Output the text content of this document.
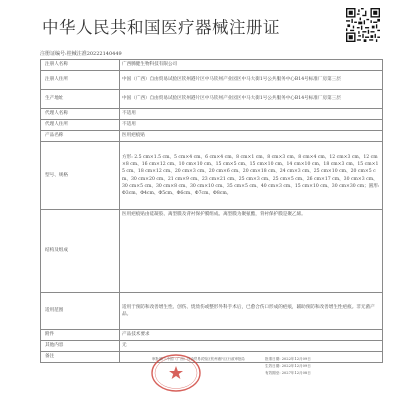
中华人民共和国医疗器械注册证
注册证编号:桂械注准20222140449
注册人名称	广西腾健生物科技有限公司
注册人住所	中国（广西）自由贸易试验区钦州港片区中马钦州产业园区中马大街1号公共服务中心B14号标准厂房第三层
生产地址	中国（广西）自由贸易试验区钦州港片区中马钦州产业园区中马大街1号公共服务中心B14号标准厂房第三层
代理人名称	不适用
代理人住所	不适用
产品名称	医用疤痕贴
型号、规格	方形: 2.5 cm×1.5 cm、5 cm×4 cm、6 cm×4 cm、8 cm×1 cm、8 cm×3 cm、8 cm×4 cm、12 cm×3 cm、12 cm×8 cm、16 cm×12 cm、10 cm×10 cm、15 cm×5 cm、15 cm×10 cm、14 cm×10 cm、18 cm×3 cm、15 cm×15 cm、18 cm×12 cm、20 cm×3 cm、20 cm×6 cm、20 cm×18 cm、24 cm×3 cm、25 cm×10 cm、20 cm×5 cm、30 cm×20 cm、21 cm×9 cm、23 cm×21 cm、25 cm×3 cm、25 cm×5 cm、26 cm×17 cm、30 cm×3 cm、30 cm×5 cm、30 cm×8 cm、30 cm×10 cm、35 cm×5 cm、40 cm×3 cm、15 cm×10 cm、30 cm×30 cm；圆形: Φ3cm、Φ4cm、Φ5cm、Φ6cm、Φ7cm、Φ8cm。
结构及组成	医用疤痕贴由硅凝胶、离型膜及背衬保护膜组成。离型膜为聚氨酯，背衬保护膜是聚乙烯。
适用范围	适用于预防和改善增生性、创伤、烧烫伤或整形外科手术后，已愈合伤口形成的疤痕，辅助预防和改善增生性疤痕。非无菌产品。
附件	产品技术要求
其他内容	无
备注		审批部门:中国（广西）自由贸易试验区钦州港片区行政审批局	批准日期: 2022年12月09日
生效日期: 2022年12月09日
有效期至: 2027年12月08日
